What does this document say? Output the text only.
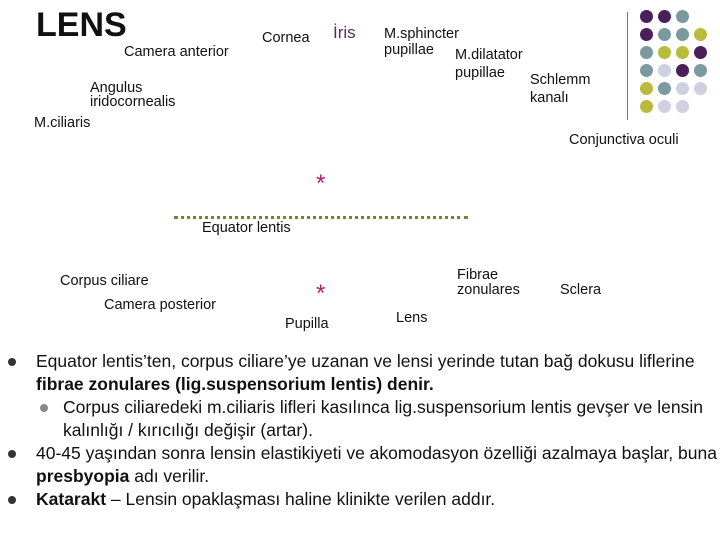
LENS	Cornea İris M.sphincter
pupillae M.dilatator
pupillae Schlemm
kanalı
Camera anterior
Angulus
iridocornealis
M.ciliaris
Conjunctiva oculi
*
Equator lentis
Corpus ciliare
Camera posterior	*
Fibrae
zonulares	Sclera
Pupilla	Lens
Equator lentis’ten, corpus ciliare’ye uzanan ve lensi yerinde tutan bağ dokusu liflerine fibrae zonulares (lig.suspensorium lentis) denir.
Corpus ciliaredeki m.ciliaris lifleri kasılınca lig.suspensorium lentis gevşer ve lensin kalınlığı / kırıcılığı değişir (artar).
40-45 yaşından sonra lensin elastikiyeti ve akomodasyon özelliği azalmaya başlar, buna presbyopia adı verilir.
Katarakt – Lensin opaklaşması haline klinikte verilen addır.
